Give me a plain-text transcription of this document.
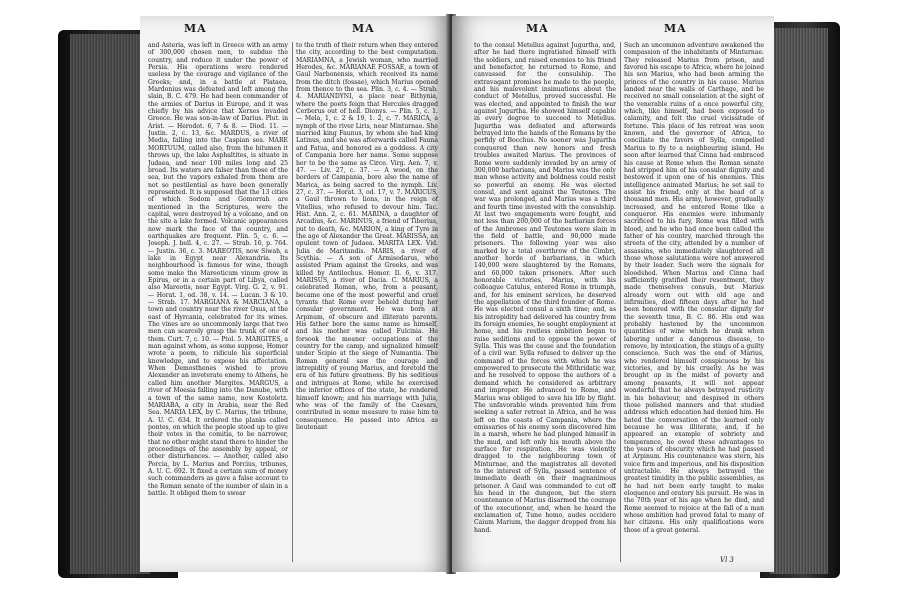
MA	MA

and Asteria, was left in Greece with an army of 300,000 chosen men, to subdue the country, and reduce it under the power of Persia. His operations were rendered useless by the courage and vigilance of the Greeks; and, in a battle at Plataea, Mardonius was defeated and left among the slain, B. C. 479. He had been commander of the armies of Darius in Europe, and it was chiefly by his advice that Xerxes invaded Greece. He was son-in-law of Darius. Plut. in Arist. — Herodot. 6, 7 & 8. — Diod. 11. — Justin. 2, c. 13, &c. MARDUS, a river of Media, falling into the Caspian sea. MARE MORTUUM, called also, from the bitumen it throws up, the lake Asphaltites, is situate in Judaea, and near 100 miles long and 25 broad. Its waters are falser than those of the sea, but the vapors exhaled from them are not so pestilential as have been generally represented. It is supposed that the 13 cities of which Sodom and Gomorrah are mentioned in the Scriptures, were the capital, were destroyed by a volcano, and on the site a lake formed. Volcanic appearances now mark the face of the country, and earthquakes are frequent. Plin. 5, c. 6. — Joseph. J. bell. 4, c. 27. — Strab. 16, p. 764. — Justin. 36, c. 3. MAREOTIS, now Siwah, a lake in Egypt near Alexandria. Its neighbourhood is famous for wine, though some make the Mareoticum vinum grow in Epirus, or in a certain part of Libya, called also Mareotis, near Egypt. Virg. G. 2, v. 91. — Horat. 1, od. 38, v. 14. — Lucan. 3 & 10. — Strab. 17. MARGIANA & MARCIANA, a town and country near the river Oxus, at the east of Hyrcania, celebrated for its wines. The vines are so uncommonly large that two men can scarcely grasp the trunk of one of them. Curt. 7, c. 10. — Ptol. 5. MARGITES, a man against whom, as some suppose, Homer wrote a poem, to ridicule his superficial knowledge, and to expose his affectation. When Demosthenes wished to prove Alexander an inveterate enemy to Athens, he called him another Margites. MARGUS, a river of Moesia falling into the Danube, with a town of the same name, now Kostoletz. MARIABA, a city in Arabia, near the Red Sea. MARIA LEX, by C. Marius, the tribune, A. U. C. 634. It ordered the planks called pontes, on which the people stood up to give their votes in the comitia, to be narrower, that no other might stand there to hinder the proceedings of the assembly by appeal, or other disturbances. — Another, called also Porcia, by L. Marius and Porcius, tribunes, A. U. C. 692. It fixed a certain sum of money such commanders as gave a false account to the Roman senate of the number of slain in a battle. It obliged them to swear

to the truth of their return when they entered the city, according to the best computation. MARIAMNA, a Jewish woman, who married Herodes, &c. MARIANAE FOSSAE, a town of Gaul Narbonensis, which received its name from the ditch (fossae), which Marius opened from thence to the sea. Plin. 3, c. 4. — Strab. 4. MARIANDYNI, a place near Bithynia, where the poets feign that Hercules dragged Cerberus out of hell. Dionys. — Plin. 5, c. 1. — Mela, 1, c. 2 & 19, 1. 2, c. 7. MARICA, a nymph of the river Liris, near Minturnae. She married king Faunus, by whom she had king Latinus, and she was afterwards called Fauna and Fatua, and honored as a goddess. A city of Campania bore her name. Some suppose her to be the same as Circe. Virg. Aen. 7, v. 47. — Liv. 27, c. 37. — A wood, on the borders of Campania, bore also the name of Marica, as being sacred to the nymph. Liv. 27, c. 37. — Horat. 3, od. 17, v. 7. MARICUS, a Gaul thrown to lions, in the reign of Vitellius, who refused to devour him. Tac. Hist. Ann. 2, c. 61. MARINA, a daughter of Arcadius, &c. MARINUS, a friend of Tiberius, put to death, &c. MARION, a king of Tyre in the age of Alexander the Great. MARISSA, an opulent town of Judaea. MARITA LEX. Vid. Julia de Maritandis. MARIS, a river of Scythia. — A son of Armisodarus, who assisted Priam against the Greeks, and was killed by Antilochus. Homer. Il. 6, v. 317. MARISUS, a river of Dacia. C. MARIUS, a celebrated Roman, who, from a peasant, became one of the most powerful and cruel tyrants that Rome ever beheld during her consular government. He was born at Arpinum, of obscure and illiterate parents. His father bore the same name as himself, and his mother was called Fulcinia. He forsook the meaner occupations of the country for the camp, and signalized himself under Scipio at the siege of Numantia. The Roman general saw the courage and intrepidity of young Marius, and foretold the era of his future greatness. By his seditious and intrigues at Rome, while he exercised the inferior offices of the state, he rendered himself known; and his marriage with Julia, who was of the family of the Caesars, contributed in some measure to raise him to consequence. He passed into Africa as lieutenant

MA	MA

to the consul Metellus against Jugurtha, and, after he had there ingratiated himself with the soldiers, and raised enemies to his friend and benefactor, he returned to Rome, and canvassed for the consulship. The extravagant promises he made to the people, and his malevolent insinuations about the conduct of Metellus, proved successful. He was elected, and appointed to finish the war against Jugurtha. He showed himself capable in every degree to succeed to Metellus. Jugurtha was defeated and afterwards betrayed into the hands of the Romans by the perfidy of Bocchus. No sooner was Jugurtha conquered than new honors and fresh troubles awaited Marius. The provinces of Rome were suddenly invaded by an army of 300,000 barbarians, and Marius was the only man whose activity and boldness could resist so powerful an enemy. He was elected consul, and sent against the Teutones. The war was prolonged, and Marius was a third and fourth time invested with the consulship. At last two engagements were fought, and not less than 200,000 of the barbarian forces of the Ambrones and Teutones were slain in the field of battle, and 90,000 made prisoners. The following year was also marked by a total overthrow of the Cimbri, another horde of barbarians, in which 140,000 were slaughtered by the Romans, and 60,000 taken prisoners. After such honorable victories, Marius, with his colleague Catulus, entered Rome in triumph, and, for his eminent services, he deserved the appellation of the third founder of Rome. He was elected consul a sixth time; and, as his intrepidity had delivered his country from its foreign enemies, he sought employment at home, and his restless ambition began to raise seditions and to oppose the power of Sylla. This was the cause and the foundation of a civil war. Sylla refused to deliver up the command of the forces with which he was empowered to prosecute the Mithridatic war, and he resolved to oppose the authors of a demand which he considered as arbitrary and improper. He advanced to Rome, and Marius was obliged to save his life by flight. The unfavorable winds prevented him from seeking a safer retreat in Africa, and he was left on the coasts of Campania, where the emissaries of his enemy soon discovered him in a marsh, where he had plunged himself in the mud, and left only his mouth above the surface for respiration. He was violently dragged to the neighbouring town of Minturnae, and the magistrates all devoted to the interest of Sylla, passed sentence of immediate death on their magnanimous prisoner. A Gaul was commanded to cut off his head in the dungeon, but the stern countenance of Marius disarmed the courage of the executioner, and, when he heard the exclamation of, Tune homo, audes occidere Caium Marium, the dagger dropped from his hand.

Such an uncommon adventure awakened the compassion of the inhabitants of Minturnae. They released Marius from prison, and favored his escape to Africa, where he joined his son Marius, who had been arming the princes of the country in his cause. Marius landed near the walls of Carthage, and he received no small consolation at the sight of the venerable ruins of a once powerful city, which, like himself, had been exposed to calamity, and felt the cruel vicissitude of fortune. This place of his retreat was soon known, and the governor of Africa, to conciliate the favors of Sylla, compelled Marius to fly to a neighbouring island. He soon after learned that Cinna had embraced his cause at Rome when the Roman senate had stripped him of his consular dignity and bestowed it upon one of his enemies. This intelligence animated Marius; he set sail to assist his friend, only at the head of a thousand men. His army, however, gradually increased, and he entered Rome like a conqueror. His enemies were inhumanly sacrificed to his fury, Rome was filled with blood, and he who had once been called the father of his country, marched through the streets of the city, attended by a number of assassins, who immediately slaughtered all those whose salutations were not answered by their leader. Such were the signals for bloodshed. When Marius and Cinna had sufficiently gratified their resentment, they made themselves consuls, but Marius already worn out with old age and infirmities, died fifteen days after he had been honored with the consular dignity for the seventh time, B. C. 86. His end was probably hastened by the uncommon quantities of wine which he drank when laboring under a dangerous disease, to remove, by intoxication, the stings of a guilty conscience. Such was the end of Marius, who rendered himself conspicuous by his victories, and by his cruelty. As he was brought up in the midst of poverty and among peasants, it will not appear wonderful that he always betrayed rusticity in his behaviour, and despised in others those polished manners and that studied address which education had denied him. He hated the conversation of the learned only because he was illiterate, and, if he appeared an example of sobriety and temperance, he owed these advantages to the years of obscurity which he had passed at Arpinum. His countenance was stern, his voice firm and imperious, and his disposition untractable. He always betrayed the greatest timidity in the public assemblies, as he had not been early taught to make eloquence and oratory his pursuit. He was in the 70th year of his age when he died, and Rome seemed to rejoice at the fall of a man whose ambition had proved fatal to many of her citizens. His only qualifications were those of a great general.

Vl 3
